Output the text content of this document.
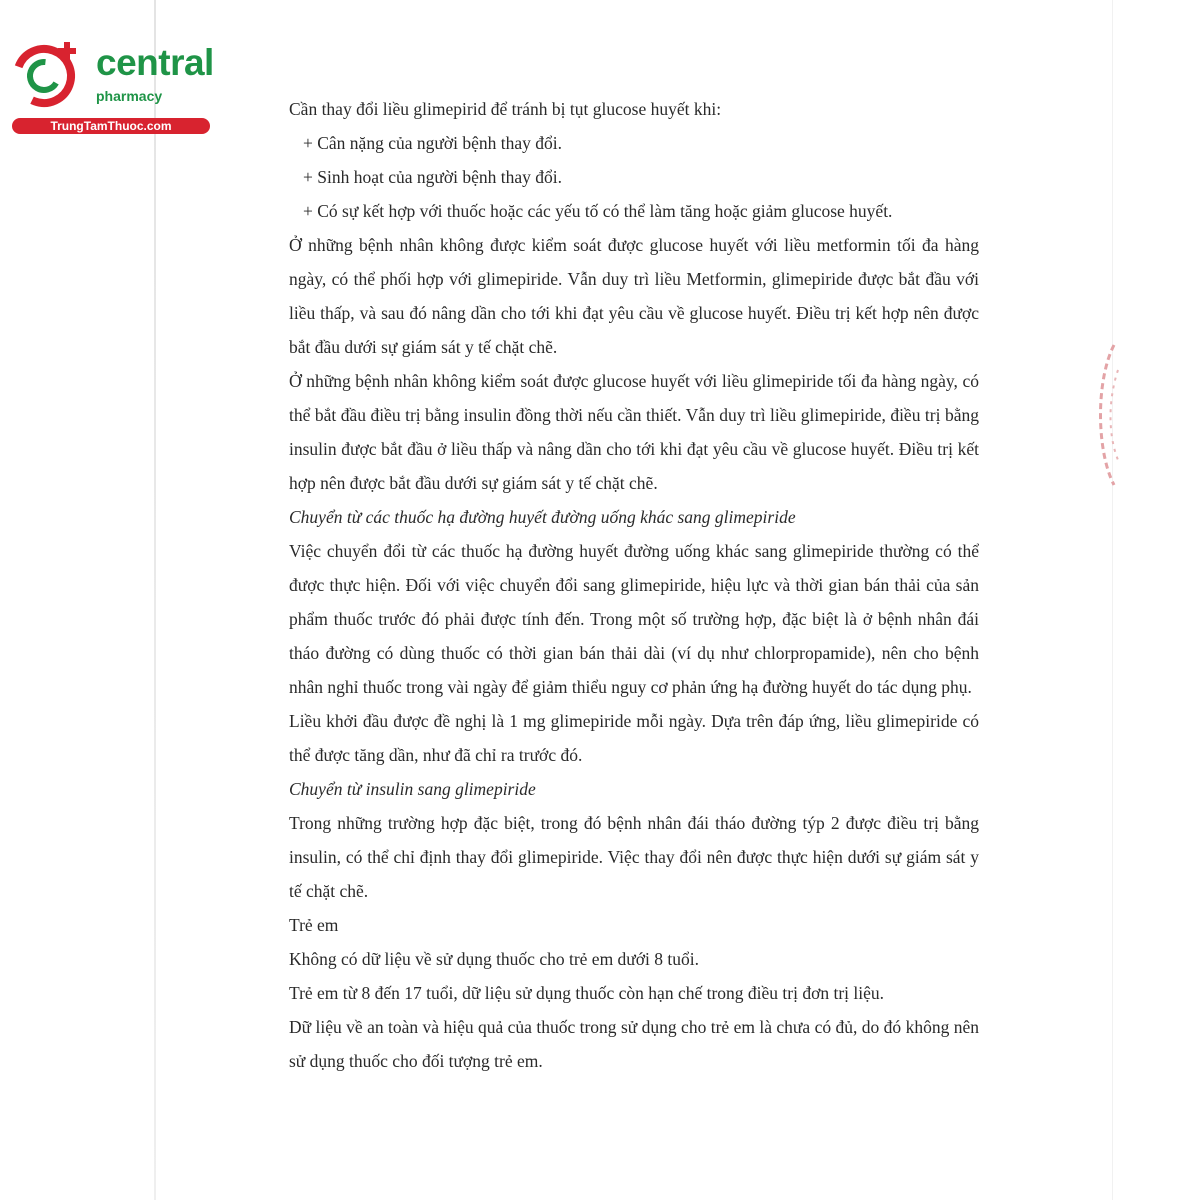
central
pharmacy
TrungTamThuoc.com

Cần thay đổi liều glimepirid để tránh bị tụt glucose huyết khi:

+ Cân nặng của người bệnh thay đổi.

+ Sinh hoạt của người bệnh thay đổi.

+ Có sự kết hợp với thuốc hoặc các yếu tố có thể làm tăng hoặc giảm glucose huyết.

Ở những bệnh nhân không được kiểm soát được glucose huyết với liều metformin tối đa hàng ngày, có thể phối hợp với glimepiride. Vẫn duy trì liều Metformin, glimepiride được bắt đầu với liều thấp, và sau đó nâng dần cho tới khi đạt yêu cầu về glucose huyết. Điều trị kết hợp nên được bắt đầu dưới sự giám sát y tế chặt chẽ.

Ở những bệnh nhân không kiểm soát được glucose huyết với liều glimepiride tối đa hàng ngày, có thể bắt đầu điều trị bằng insulin đồng thời nếu cần thiết. Vẫn duy trì liều glimepiride, điều trị bằng insulin được bắt đầu ở liều thấp và nâng dần cho tới khi đạt yêu cầu về glucose huyết. Điều trị kết hợp nên được bắt đầu dưới sự giám sát y tế chặt chẽ.

Chuyển từ các thuốc hạ đường huyết đường uống khác sang glimepiride

Việc chuyển đổi từ các thuốc hạ đường huyết đường uống khác sang glimepiride thường có thể được thực hiện. Đối với việc chuyển đổi sang glimepiride, hiệu lực và thời gian bán thải của sản phẩm thuốc trước đó phải được tính đến. Trong một số trường hợp, đặc biệt là ở bệnh nhân đái tháo đường có dùng thuốc có thời gian bán thải dài (ví dụ như chlorpropamide), nên cho bệnh nhân nghỉ thuốc trong vài ngày để giảm thiểu nguy cơ phản ứng hạ đường huyết do tác dụng phụ.

Liều khởi đầu được đề nghị là 1 mg glimepiride mỗi ngày. Dựa trên đáp ứng, liều glimepiride có thể được tăng dần, như đã chỉ ra trước đó.

Chuyển từ insulin sang glimepiride

Trong những trường hợp đặc biệt, trong đó bệnh nhân đái tháo đường týp 2 được điều trị bằng insulin, có thể chỉ định thay đổi glimepiride. Việc thay đổi nên được thực hiện dưới sự giám sát y tế chặt chẽ.

Trẻ em

Không có dữ liệu về sử dụng thuốc cho trẻ em dưới 8 tuổi.

Trẻ em từ 8 đến 17 tuổi, dữ liệu sử dụng thuốc còn hạn chế trong điều trị đơn trị liệu.

Dữ liệu về an toàn và hiệu quả của thuốc trong sử dụng cho trẻ em là chưa có đủ, do đó không nên sử dụng thuốc cho đối tượng trẻ em.
